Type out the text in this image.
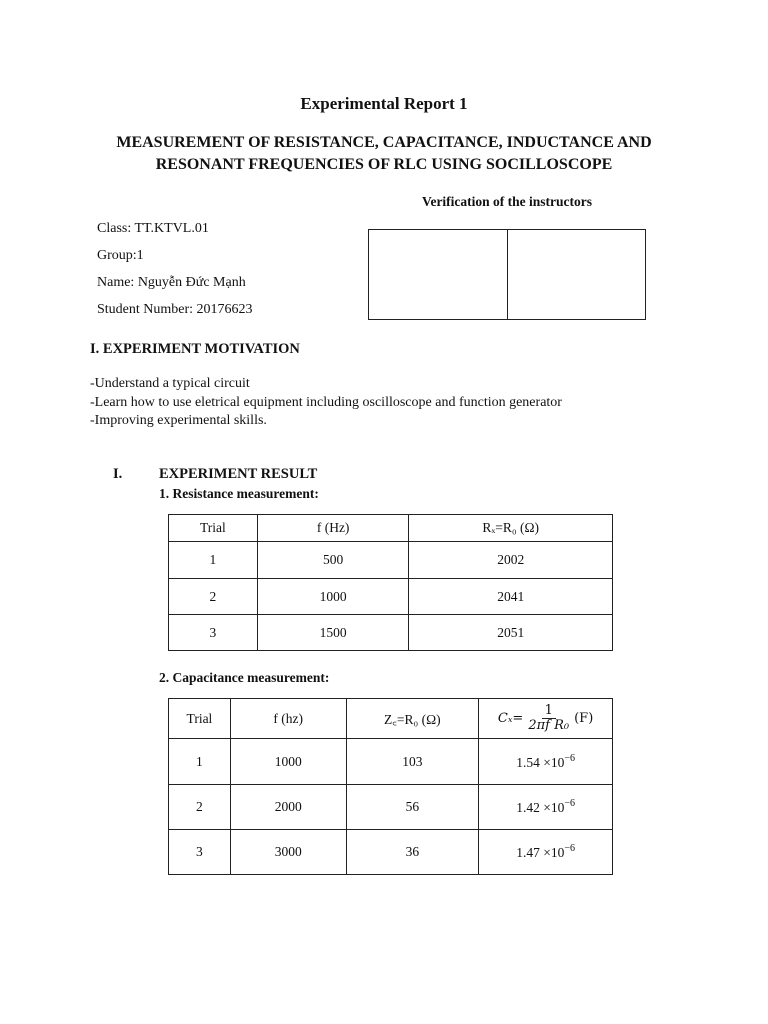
Experimental Report 1
MEASUREMENT OF RESISTANCE, CAPACITANCE, INDUCTANCE AND
RESONANT FREQUENCIES OF RLC USING SOCILLOSCOPE
Verification of the instructors
Class: TT.KTVL.01
Group:1
Name: Nguyễn Đức Mạnh
Student Number: 20176623
I. EXPERIMENT MOTIVATION
-Understand a typical circuit
-Learn how to use eletrical equipment including oscilloscope and function generator
-Improving experimental skills.
I.	EXPERIMENT RESULT
1. Resistance measurement:
Trial	f (Hz)	Rₓ=R₀ (Ω)
1	500	2002
2	1000	2041
3	1500	2051
2. Capacitance measurement:
Trial	f (hz)	Z꜀=R₀ (Ω)	$C_x= \frac{1}{\text{2πf R₀}} (F)$

1	1000	103	$1.54 \times 10^{-6}$
2	2000	56	$1.42 \times 10^{-6}$
3	3000	36	$1.47 \times 10^{-6}$
